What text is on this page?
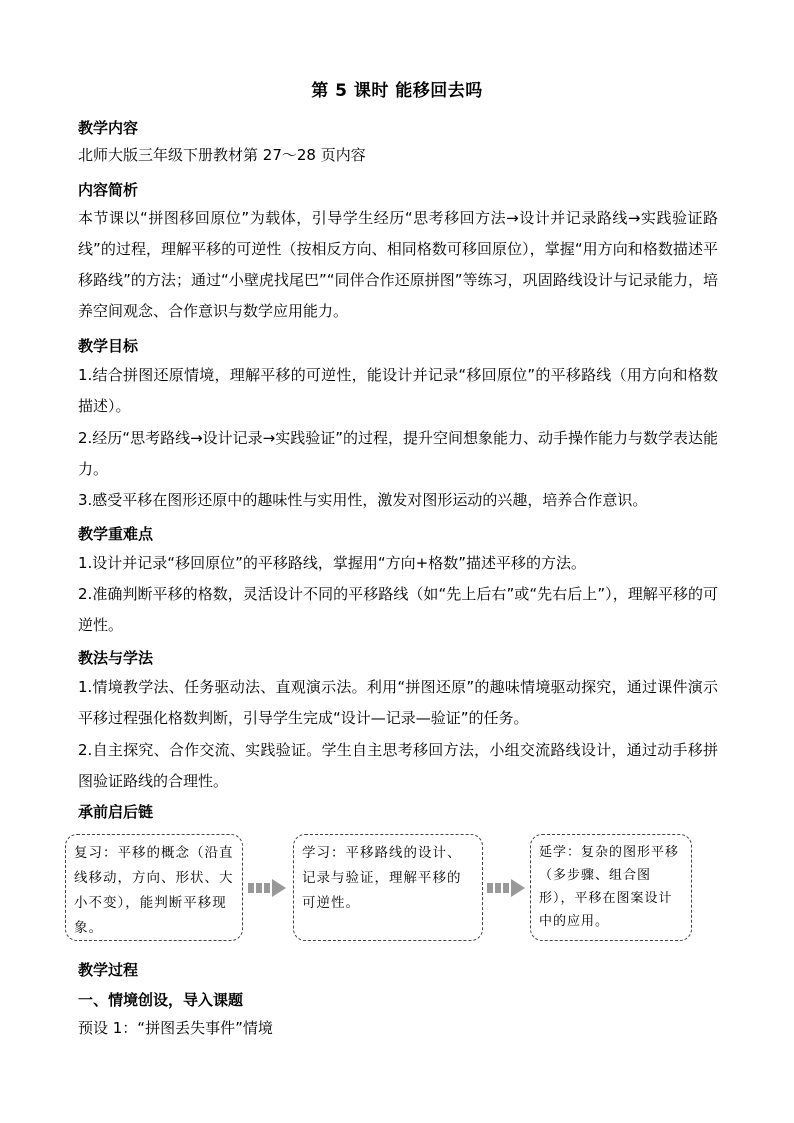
第 5 课时 能移回去吗
教学内容
北师大版三年级下册教材第 27～28 页内容
内容简析
本节课以“拼图移回原位”为载体，引导学生经历“思考移回方法→设计并记录路线→实践验证路线”的过程，理解平移的可逆性（按相反方向、相同格数可移回原位），掌握“用方向和格数描述平移路线”的方法；通过“小壁虎找尾巴”“同伴合作还原拼图”等练习，巩固路线设计与记录能力，培养空间观念、合作意识与数学应用能力。
教学目标
1.结合拼图还原情境，理解平移的可逆性，能设计并记录“移回原位”的平移路线（用方向和格数描述）。
2.经历“思考路线→设计记录→实践验证”的过程，提升空间想象能力、动手操作能力与数学表达能力。
3.感受平移在图形还原中的趣味性与实用性，激发对图形运动的兴趣，培养合作意识。
教学重难点
1.设计并记录“移回原位”的平移路线，掌握用“方向+格数”描述平移的方法。
2.准确判断平移的格数，灵活设计不同的平移路线（如“先上后右”或“先右后上”），理解平移的可逆性。
教法与学法
1.情境教学法、任务驱动法、直观演示法。利用“拼图还原”的趣味情境驱动探究，通过课件演示平移过程强化格数判断，引导学生完成“设计—记录—验证”的任务。
2.自主探究、合作交流、实践验证。学生自主思考移回方法，小组交流路线设计，通过动手移拼图验证路线的合理性。
承前启后链
复习：平移的概念（沿直线移动，方向、形状、大小不变），能判断平移现象。
学习：平移路线的设计、记录与验证，理解平移的可逆性。
延学：复杂的图形平移（多步骤、组合图形），平移在图案设计中的应用。
教学过程
一、情境创设，导入课题
预设 1：“拼图丢失事件”情境
